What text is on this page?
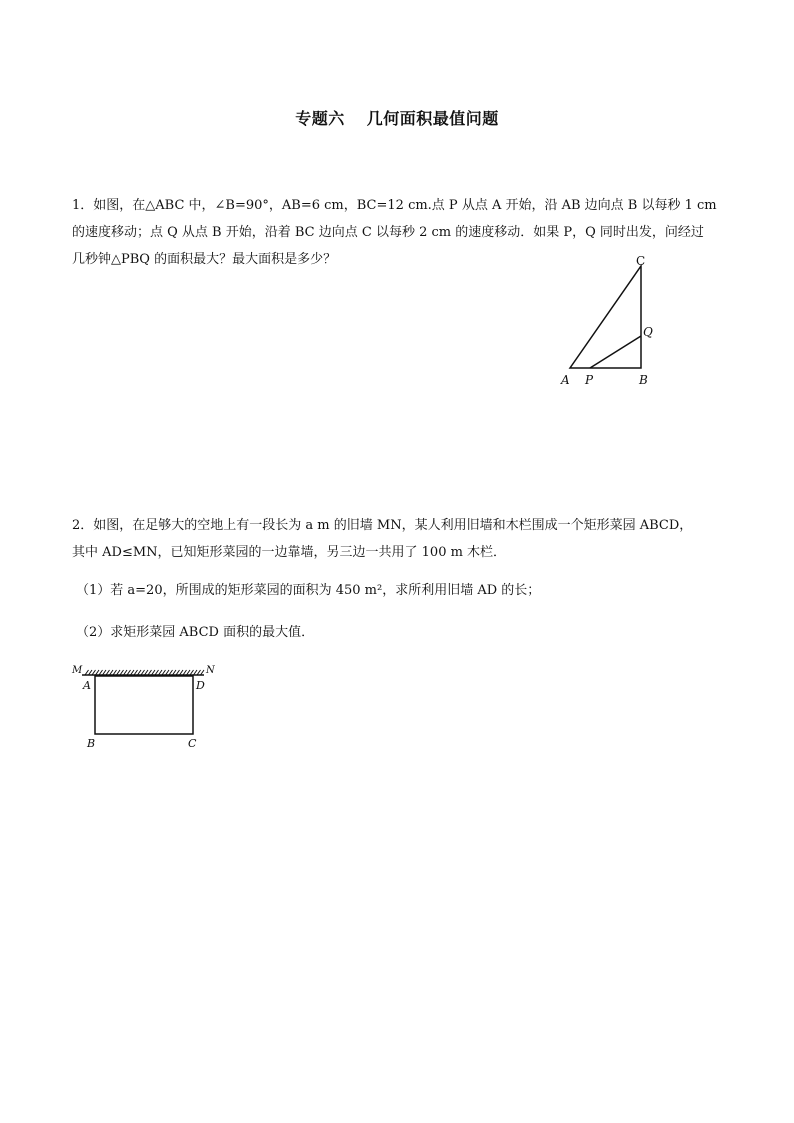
专题六 几何面积最值问题
1．如图，在△ABC 中，∠B=90°，AB=6 cm，BC=12 cm.点 P 从点 A 开始，沿 AB 边向点 B 以每秒 1 cm
的速度移动；点 Q 从点 B 开始，沿着 BC 边向点 C 以每秒 2 cm 的速度移动．如果 P，Q 同时出发，问经过
几秒钟△PBQ 的面积最大？最大面积是多少？	C
Q
A P	B
2．如图，在足够大的空地上有一段长为 a m 的旧墙 MN，某人利用旧墙和木栏围成一个矩形菜园 ABCD，
其中 AD≤MN，已知矩形菜园的一边靠墙，另三边一共用了 100 m 木栏．
（1）若 a=20，所围成的矩形菜园的面积为 450 m²，求所利用旧墙 AD 的长；
（2）求矩形菜园 ABCD 面积的最大值．
M	N
A	D
B	C
